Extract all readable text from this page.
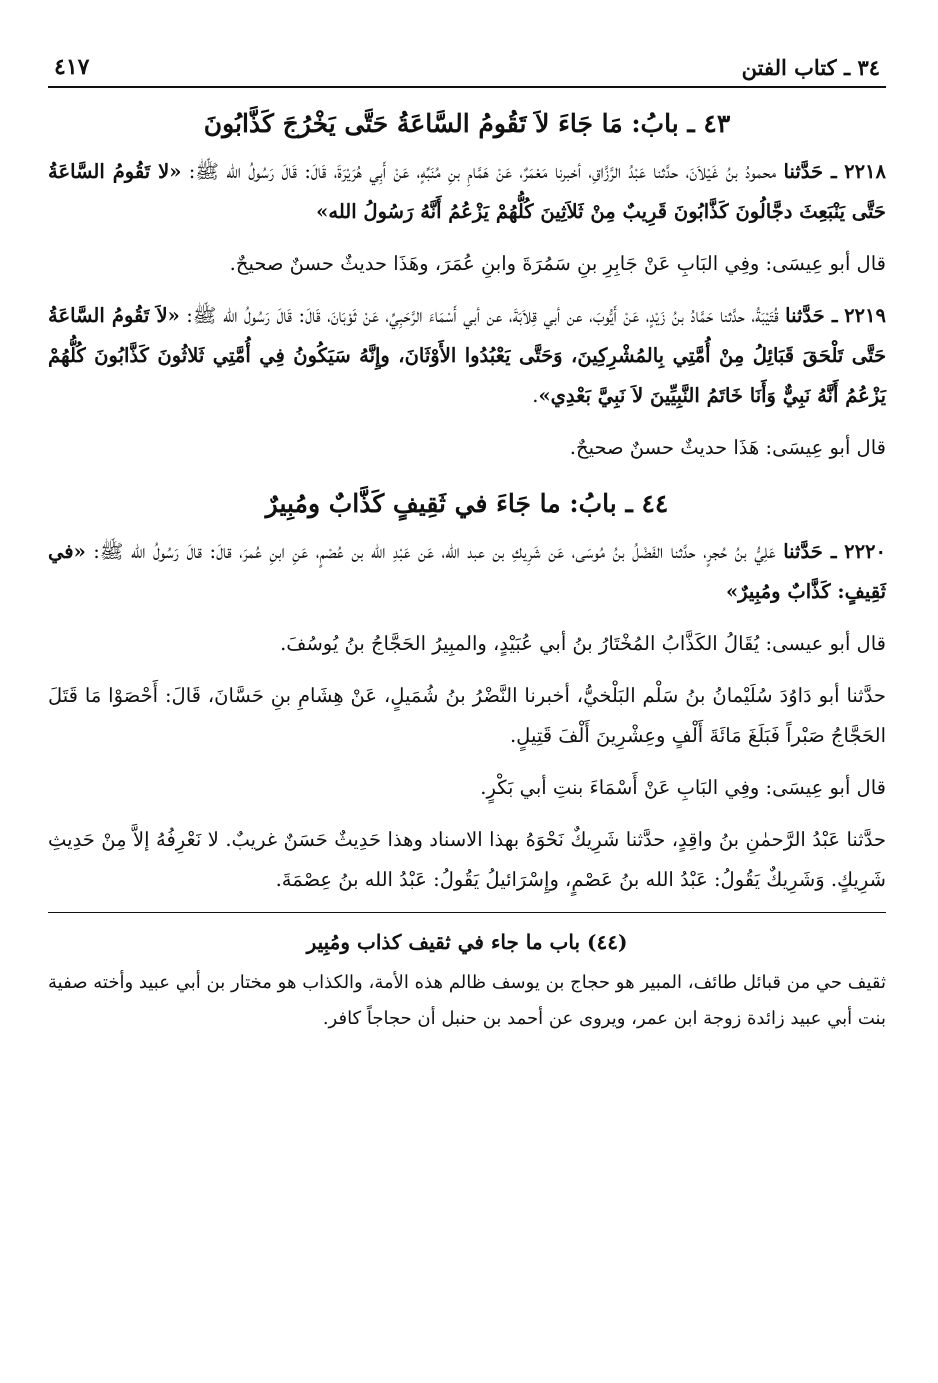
٣٤ ـ كتاب الفتن
٤١٧
٤٣ ـ بابُ: مَا جَاءَ لاَ تَقُومُ السَّاعَةُ حَتَّى يَخْرُجَ كَذَّابُونَ

٢٢١٨ ـ حَدَّثنا محمودُ بنُ غَيْلاَنَ، حدَّثنا عَبْدُ الرَّزَّاقِ، أخبرنا مَعْمَرٌ، عَنْ هَمَّامِ بنِ مُنَبِّهٍ، عَنْ أَبِي هُرَيْرَةَ، قَالَ: قَالَ رَسُولُ الله ﷺ: «لا تَقُومُ السَّاعَةُ حَتَّى يَنْبَعِثَ دجَّالُونَ كَذَّابُونَ قَرِيبٌ مِنْ ثَلاَثِينَ كُلُّهُمْ يَزْعُمُ أَنَّهُ رَسُولُ الله»

قال أبو عِيسَى: وفِي البَابِ عَنْ جَابِرِ بنِ سَمُرَةَ وابنِ عُمَرَ، وهَذَا حديثٌ حسنٌ صحيحٌ.

٢٢١٩ ـ حَدَّثنا قُتَيْبَةُ، حدَّثنا حَمَّادُ بنُ زَيْدٍ، عَنْ أَيُّوبَ، عن أبي قِلاَبَةَ، عن أبي أَسْمَاءَ الرَّحَبِيِّ، عَنْ ثَوْبَانَ، قَالَ: قَالَ رَسُولُ الله ﷺ: «لاَ تَقُومُ السَّاعَةُ حَتَّى تَلْحَقَ قَبَائِلُ مِنْ أُمَّتِي بِالمُشْرِكِينَ، وَحَتَّى يَعْبُدُوا الأَوْثَانَ، وإِنَّهُ سَيَكُونُ فِي أُمَّتِي ثَلاثُونَ كَذَّابُونَ كُلُّهُمْ يَزْعُمُ أَنَّهُ نَبِيٌّ وَأَنَا خَاتَمُ النَّبِيِّينَ لاَ نَبِيَّ بَعْدِي».

قال أبو عِيسَى: هَذَا حديثٌ حسنٌ صحيحٌ.

٤٤ ـ بابُ: ما جَاءَ في ثَقِيفٍ كَذَّابٌ ومُبِيرٌ

٢٢٢٠ ـ حَدَّثنا عَلِيُّ بنُ حُجرٍ، حدَّثنا الفَضْلُ بنُ مُوسَى، عَن شَرِيكِ بن عبد الله، عَن عَبْدِ الله بن عُصْمٍ، عَنِ ابنِ عُمرَ، قالَ: قالَ رَسُولُ الله ﷺ: «في ثَقِيفٍ: كَذَّابٌ ومُبِيرٌ»

قال أبو عيسى: يُقَالُ الكَذَّابُ المُخْتَارُ بنُ أبي عُبَيْدٍ، والمبِيرُ الحَجَّاجُ بنُ يُوسُفَ.

حدَّثنا أبو دَاوُدَ سُلَيْمانُ بنُ سَلْم البَلْخيُّ، أخبرنا النَّضْرُ بنُ شُمَيلٍ، عَنْ هِشَامِ بنِ حَسَّانَ، قَالَ: أَحْصَوْا مَا قَتَلَ الحَجَّاجُ صَبْراً فَبَلَغَ مَائَةَ أَلْفٍ وعِشْرِينَ أَلْفَ قَتِيلٍ.

قال أبو عِيسَى: وفِي البَابِ عَنْ أَسْمَاءَ بنتِ أبي بَكْرٍ.

حدَّثنا عَبْدُ الرَّحمٰنِ بنُ واقِدٍ، حدَّثنا شَرِيكٌ نَحْوَهُ بهذا الاسناد وهذا حَدِيثٌ حَسَنٌ غريبٌ. لا نَعْرِفُهُ إلاَّ مِنْ حَدِيثِ شَرِيكٍ. وَشَرِيكٌ يَقُولُ: عَبْدُ الله بنُ عَصْمٍ، وإِسْرَائيلُ يَقُولُ: عَبْدُ الله بنُ عِصْمَةَ.

(٤٤) باب ما جاء في ثقيف كذاب ومُبِير

ثقيف حي من قبائل طائف، المبير هو حجاج بن يوسف ظالم هذه الأمة، والكذاب هو مختار بن أبي عبيد وأخته صفية بنت أبي عبيد زائدة زوجة ابن عمر، ويروى عن أحمد بن حنبل أن حجاجاً كافر.
